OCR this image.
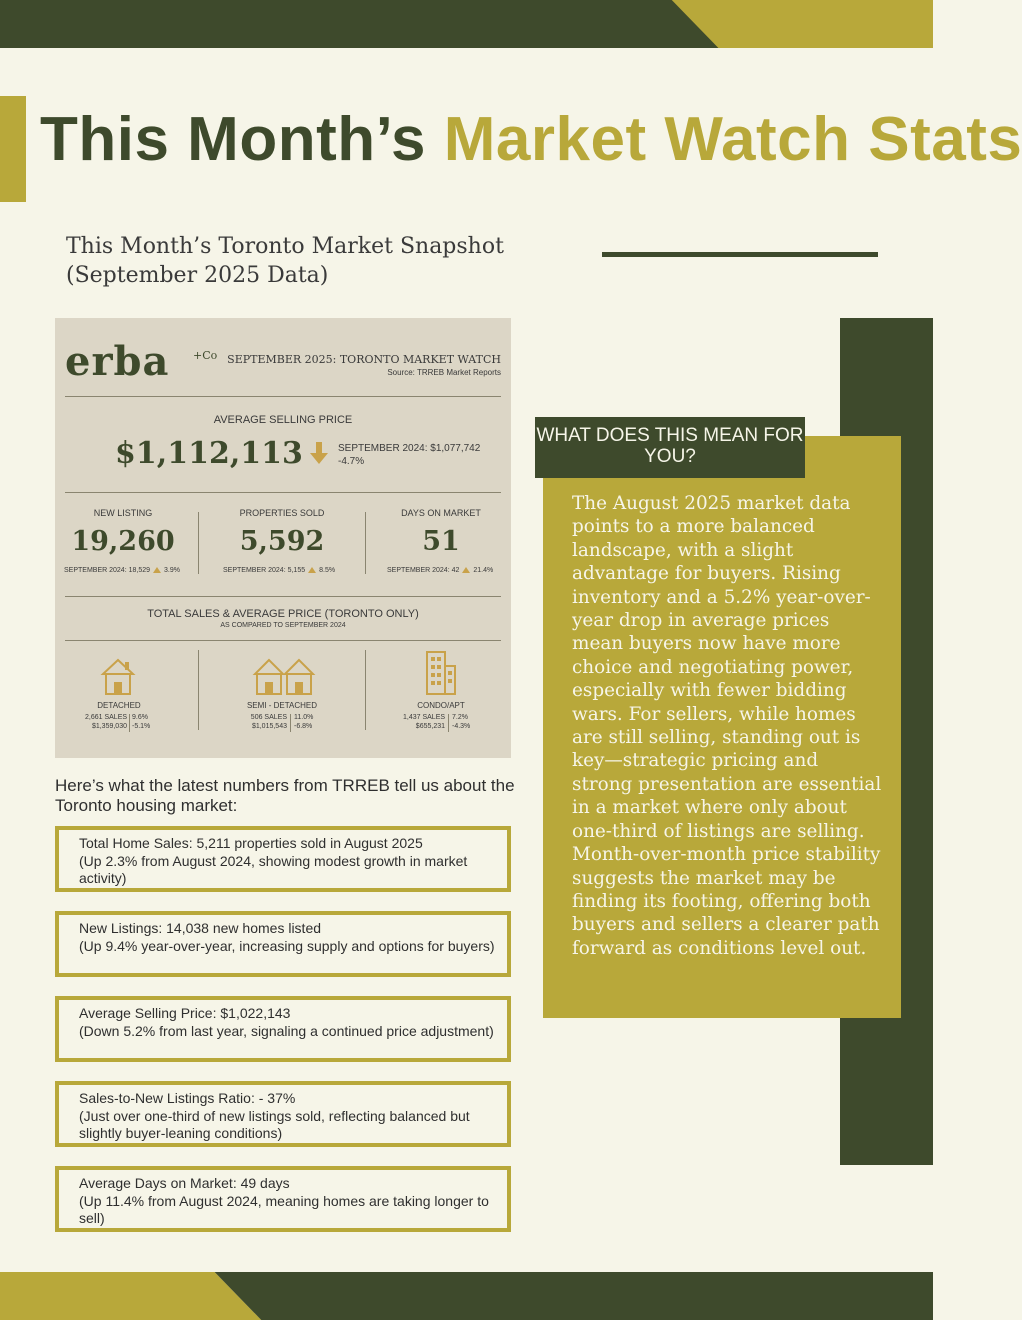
This Month’s Market Watch Stats
This Month’s Toronto Market Snapshot
(September 2025 Data)

The August 2025 market data points to a more balanced landscape, with a slight advantage for buyers. Rising inventory and a 5.2% year-over-year drop in average prices mean buyers now have more choice and negotiating power, especially with fewer bidding wars. For sellers, while homes are still selling, standing out is key—strategic pricing and strong presentation are essential in a market where only about one-third of listings are selling. Month-over-month price stability suggests the market may be finding its footing, offering both buyers and sellers a clearer path forward as conditions level out.

WHAT DOES THIS MEAN FOR YOU?
erba +Co SEPTEMBER 2025: TORONTO MARKET WATCH
Source: TRREB Market Reports
AVERAGE SELLING PRICE
$1,112,113	SEPTEMBER 2024: $1,077,742
-4.7%
NEW LISTING
19,260
SEPTEMBER 2024: 18,529 3.9%
PROPERTIES SOLD
5,592
SEPTEMBER 2024: 5,155 8.5%
DAYS ON MARKET
51
SEPTEMBER 2024: 42 21.4%
TOTAL SALES & AVERAGE PRICE (TORONTO ONLY)
AS COMPARED TO SEPTEMBER 2024
DETACHED
2,661 SALES
$1,359,030
9.6%
-5.1%
SEMI - DETACHED
506 SALES
$1,015,543
11.0%
-6.8%
CONDO/APT
1,437 SALES
$655,231
7.2%
-4.3%
Here’s what the latest numbers from TRREB tell us about the Toronto housing market:
Total Home Sales: 5,211 properties sold in August 2025
(Up 2.3% from August 2024, showing modest growth in market activity)
New Listings: 14,038 new homes listed
(Up 9.4% year-over-year, increasing supply and options for buyers)
Average Selling Price: $1,022,143
(Down 5.2% from last year, signaling a continued price adjustment)
Sales-to-New Listings Ratio: - 37%
(Just over one-third of new listings sold, reflecting balanced but slightly buyer-leaning conditions)
Average Days on Market: 49 days
(Up 11.4% from August 2024, meaning homes are taking longer to sell)
